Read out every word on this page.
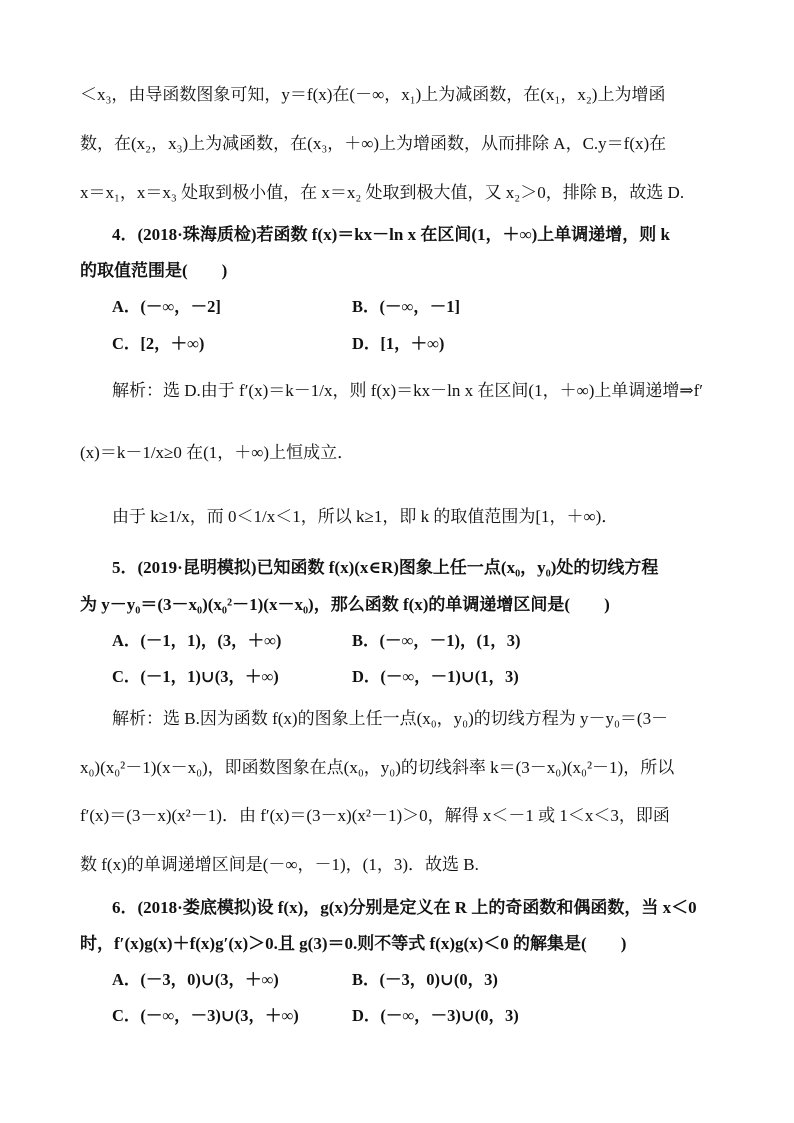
＜x₃，由导函数图象可知，y＝f(x)在(－∞，x₁)上为减函数，在(x₁，x₂)上为增函
数，在(x₂，x₃)上为减函数，在(x₃，＋∞)上为增函数，从而排除 A，C.y＝f(x)在
x＝x₁，x＝x₃ 处取到极小值，在 x＝x₂ 处取到极大值，又 x₂＞0，排除 B，故选 D.
4．(2018·珠海质检)若函数 f(x)＝kx－ln x 在区间(1，＋∞)上单调递增，则 k
的取值范围是(　　)
A．(－∞，－2]	B．(－∞，－1]
C．[2，＋∞)	D．[1，＋∞)
解析：选 D.由于 f′(x)＝k－1/x，则 f(x)＝kx－ln x 在区间(1，＋∞)上单调递增⇒f′
(x)＝k－1/x≥0 在(1，＋∞)上恒成立．
由于 k≥1/x，而 0＜1/x＜1，所以 k≥1，即 k 的取值范围为[1，＋∞)．
5．(2019·昆明模拟)已知函数 f(x)(x∈R)图象上任一点(x₀，y₀)处的切线方程
为 y－y₀＝(3－x₀)(x₀²－1)(x－x₀)，那么函数 f(x)的单调递增区间是(　　)
A．(－1，1)，(3，＋∞)	B．(－∞，－1)，(1，3)
C．(－1，1)∪(3，＋∞)	D．(－∞，－1)∪(1，3)
解析：选 B.因为函数 f(x)的图象上任一点(x₀，y₀)的切线方程为 y－y₀＝(3－
x₀)(x₀²－1)(x－x₀)，即函数图象在点(x₀，y₀)的切线斜率 k＝(3－x₀)(x₀²－1)，所以
f′(x)＝(3－x)(x²－1)．由 f′(x)＝(3－x)(x²－1)＞0，解得 x＜－1 或 1＜x＜3，即函
数 f(x)的单调递增区间是(－∞，－1)，(1，3)．故选 B.
6．(2018·娄底模拟)设 f(x)，g(x)分别是定义在 R 上的奇函数和偶函数，当 x＜0
时，f′(x)g(x)＋f(x)g′(x)＞0.且 g(3)＝0.则不等式 f(x)g(x)＜0 的解集是(　　)
A．(－3，0)∪(3，＋∞)	B．(－3，0)∪(0，3)
C．(－∞，－3)∪(3，＋∞)	D．(－∞，－3)∪(0，3)
